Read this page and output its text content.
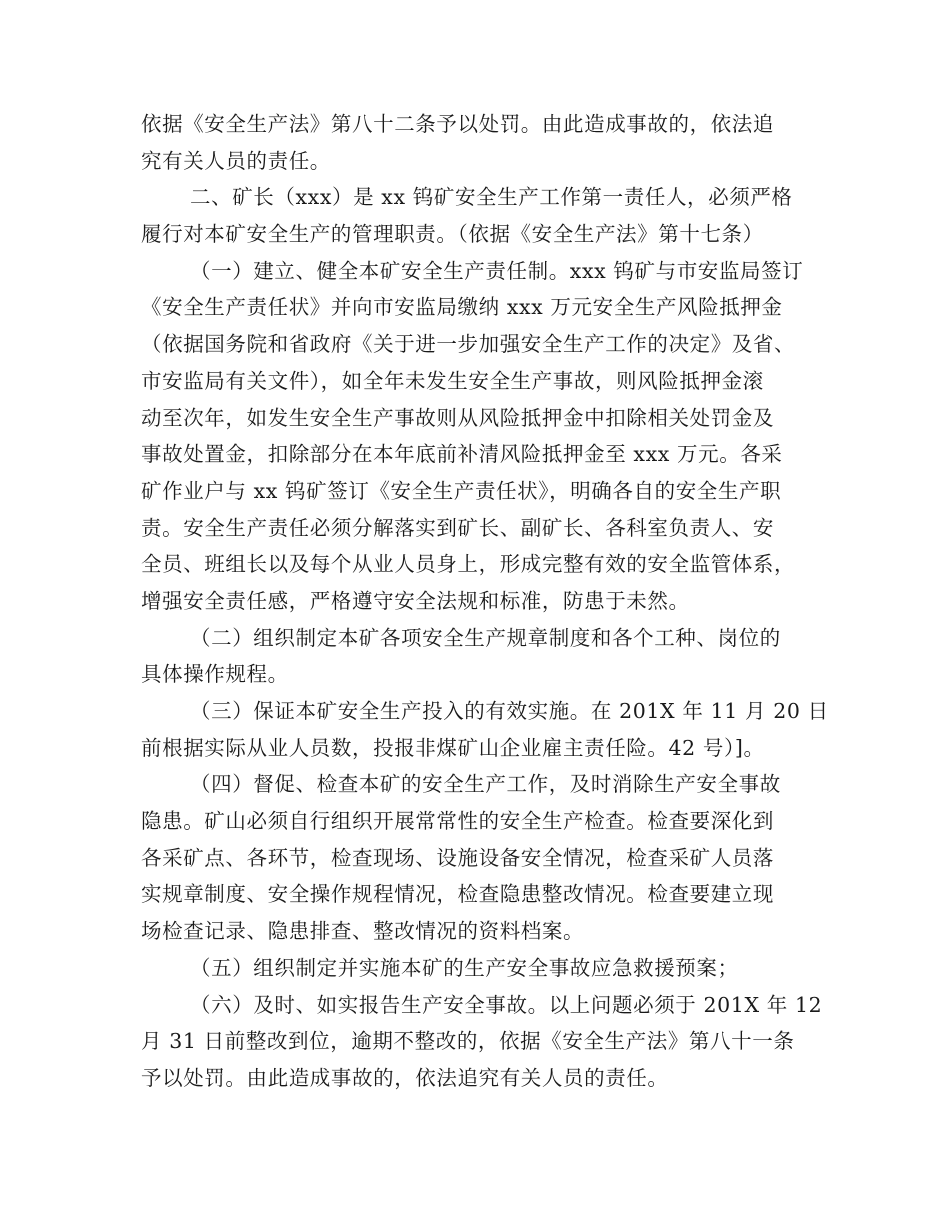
依据《安全生产法》第八十二条予以处罚。由此造成事故的，依法追
究有关人员的责任。
二、矿长（xxx）是 xx 钨矿安全生产工作第一责任人，必须严格
履行对本矿安全生产的管理职责。（依据《安全生产法》第十七条）
（一）建立、健全本矿安全生产责任制。xxx 钨矿与市安监局签订
《安全生产责任状》并向市安监局缴纳 xxx 万元安全生产风险抵押金
（依据国务院和省政府《关于进一步加强安全生产工作的决定》及省、
市安监局有关文件），如全年未发生安全生产事故，则风险抵押金滚
动至次年，如发生安全生产事故则从风险抵押金中扣除相关处罚金及
事故处置金，扣除部分在本年底前补清风险抵押金至 xxx 万元。各采
矿作业户与 xx 钨矿签订《安全生产责任状》，明确各自的安全生产职
责。安全生产责任必须分解落实到矿长、副矿长、各科室负责人、安
全员、班组长以及每个从业人员身上，形成完整有效的安全监管体系，
增强安全责任感，严格遵守安全法规和标准，防患于未然。
（二）组织制定本矿各项安全生产规章制度和各个工种、岗位的
具体操作规程。
（三）保证本矿安全生产投入的有效实施。在 201X 年 11 月 20 日
前根据实际从业人员数，投报非煤矿山企业雇主责任险。42 号）]。
（四）督促、检查本矿的安全生产工作，及时消除生产安全事故
隐患。矿山必须自行组织开展常常性的安全生产检查。检查要深化到
各采矿点、各环节，检查现场、设施设备安全情况，检查采矿人员落
实规章制度、安全操作规程情况，检查隐患整改情况。检查要建立现
场检查记录、隐患排查、整改情况的资料档案。
（五）组织制定并实施本矿的生产安全事故应急救援预案；
（六）及时、如实报告生产安全事故。以上问题必须于 201X 年 12
月 31 日前整改到位，逾期不整改的，依据《安全生产法》第八十一条
予以处罚。由此造成事故的，依法追究有关人员的责任。
